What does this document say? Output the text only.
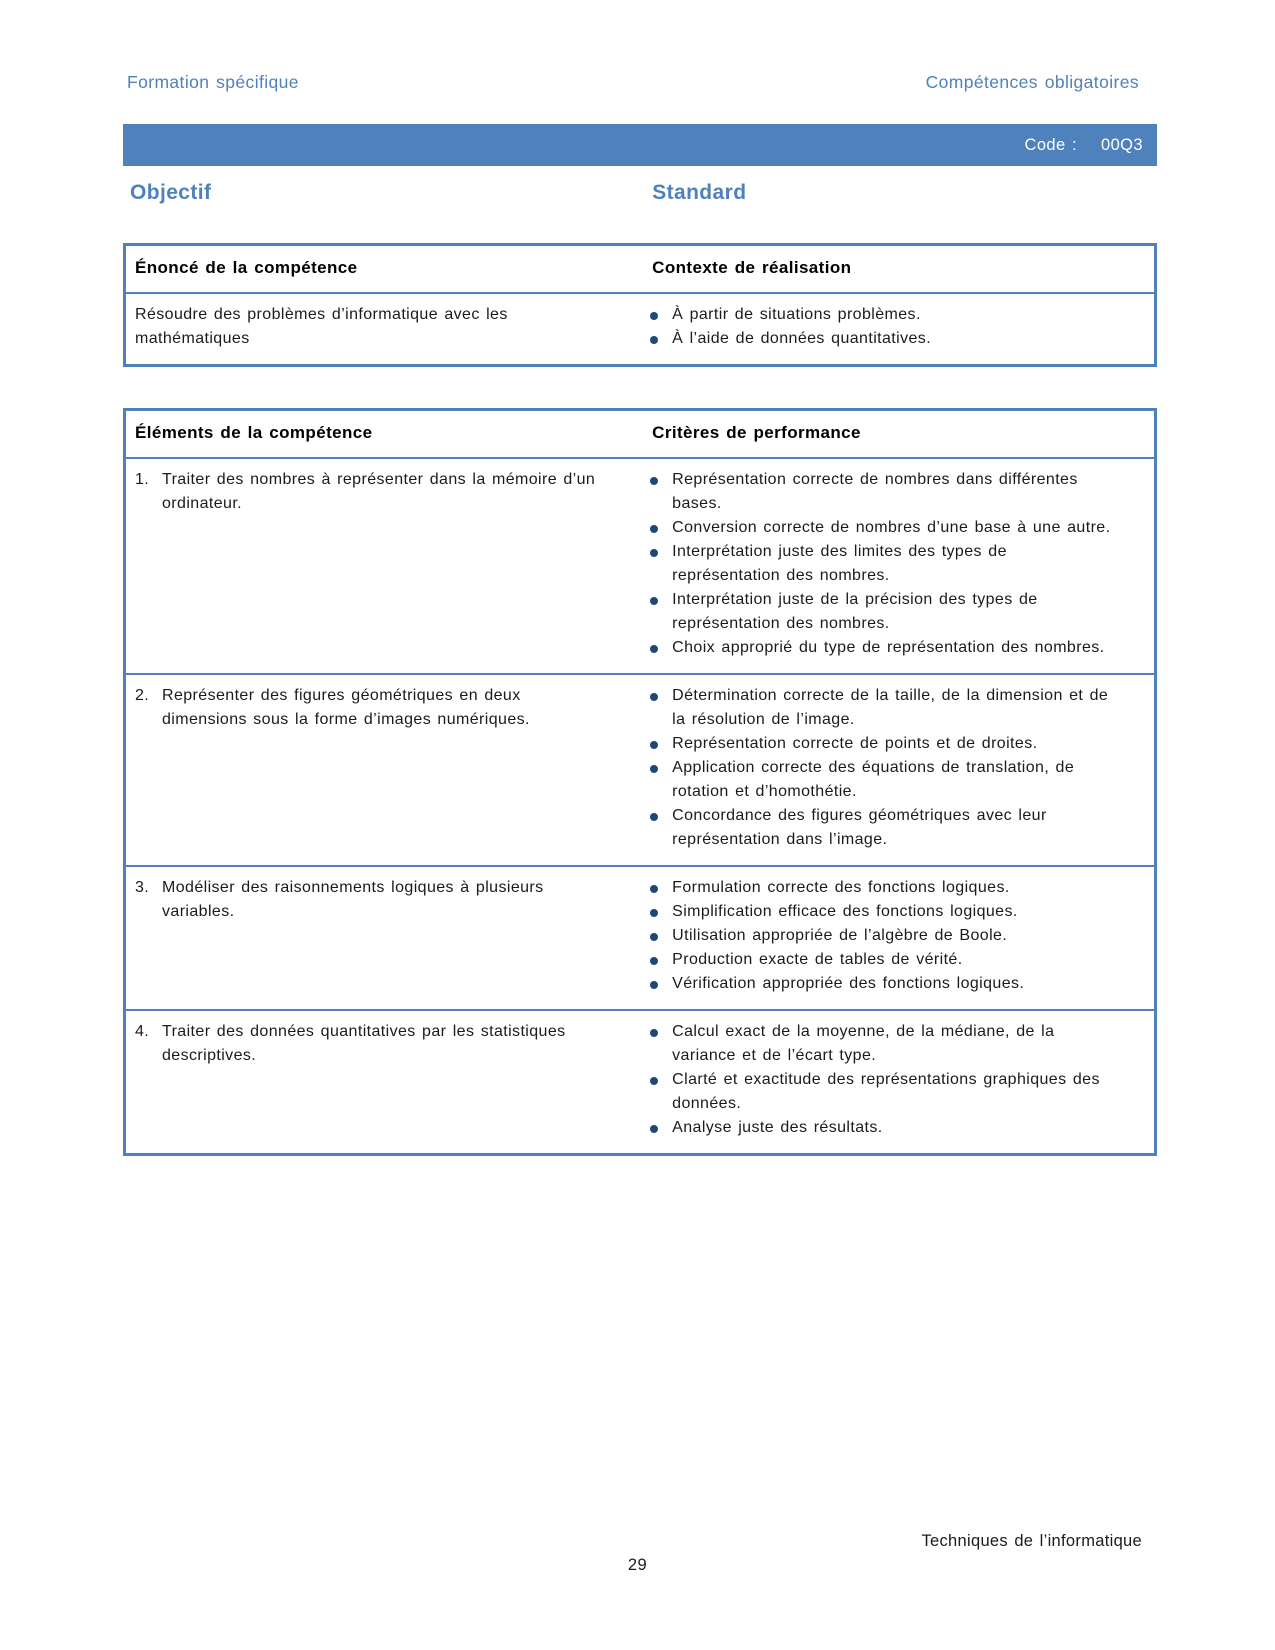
Formation spécifique	Compétences obligatoires
Code : 00Q3
Objectif	Standard
Énoncé de la compétence	Contexte de réalisation
Résoudre des problèmes d’informatique avec les mathématiques
À partir de situations problèmes.
À l’aide de données quantitatives.
Éléments de la compétence	Critères de performance
1. Traiter des nombres à représenter dans la mémoire d’un ordinateur.
Représentation correcte de nombres dans différentes bases.
Conversion correcte de nombres d’une base à une autre.
Interprétation juste des limites des types de représentation des nombres.
Interprétation juste de la précision des types de représentation des nombres.
Choix approprié du type de représentation des nombres.
2. Représenter des figures géométriques en deux dimensions sous la forme d’images numériques.
Détermination correcte de la taille, de la dimension et de la résolution de l’image.
Représentation correcte de points et de droites.
Application correcte des équations de translation, de rotation et d’homothétie.
Concordance des figures géométriques avec leur représentation dans l’image.
3. Modéliser des raisonnements logiques à plusieurs variables.
Formulation correcte des fonctions logiques.
Simplification efficace des fonctions logiques.
Utilisation appropriée de l’algèbre de Boole.
Production exacte de tables de vérité.
Vérification appropriée des fonctions logiques.
4. Traiter des données quantitatives par les statistiques descriptives.
Calcul exact de la moyenne, de la médiane, de la variance et de l’écart type.
Clarté et exactitude des représentations graphiques des données.
Analyse juste des résultats.
Techniques de l’informatique
29
